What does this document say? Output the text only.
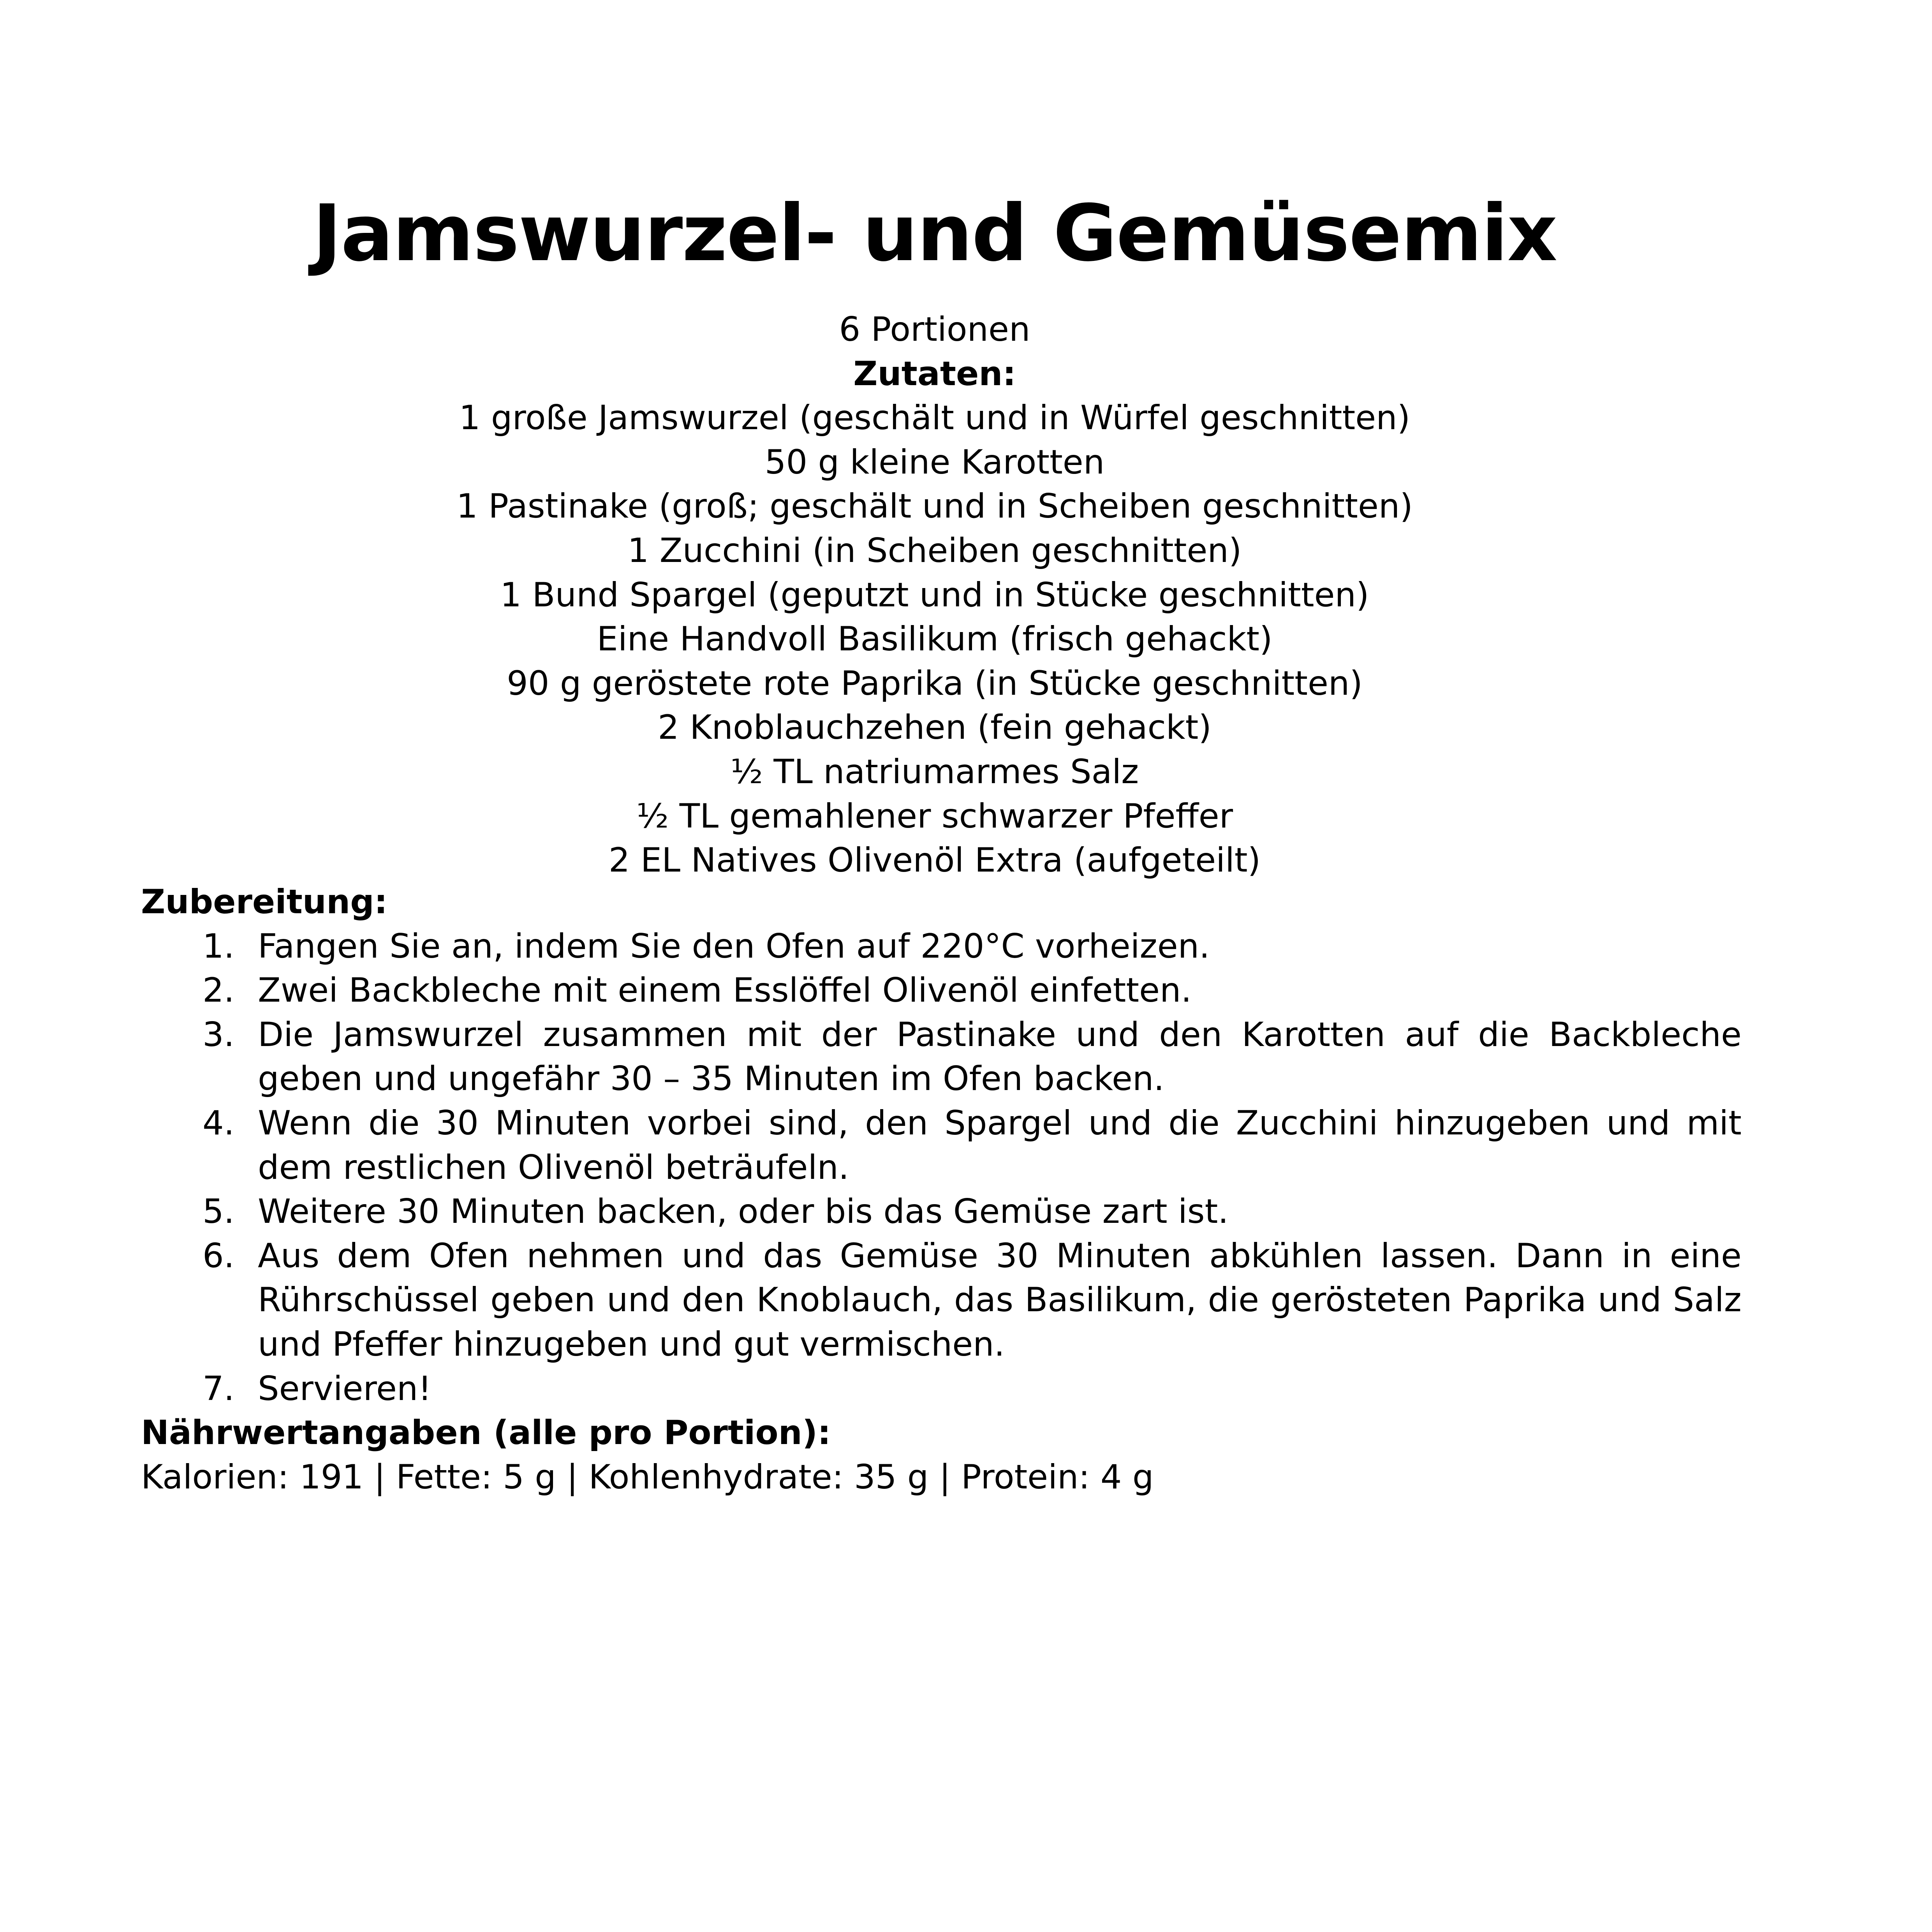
Jamswurzel- und Gemüsemix
6 Portionen
Zutaten:
1 große Jamswurzel (geschält und in Würfel geschnitten)
50 g kleine Karotten
1 Pastinake (groß; geschält und in Scheiben geschnitten)
1 Zucchini (in Scheiben geschnitten)
1 Bund Spargel (geputzt und in Stücke geschnitten)
Eine Handvoll Basilikum (frisch gehackt)
90 g geröstete rote Paprika (in Stücke geschnitten)
2 Knoblauchzehen (fein gehackt)
½ TL natriumarmes Salz
½ TL gemahlener schwarzer Pfeffer
2 EL Natives Olivenöl Extra (aufgeteilt)
Zubereitung:
1. Fangen Sie an, indem Sie den Ofen auf 220°C vorheizen.
2. Zwei Backbleche mit einem Esslöffel Olivenöl einfetten.
3. Die Jamswurzel zusammen mit der Pastinake und den Karotten auf die Backbleche geben und ungefähr 30 – 35 Minuten im Ofen backen.
4. Wenn die 30 Minuten vorbei sind, den Spargel und die Zucchini hinzugeben und mit dem restlichen Olivenöl beträufeln.
5. Weitere 30 Minuten backen, oder bis das Gemüse zart ist.
6. Aus dem Ofen nehmen und das Gemüse 30 Minuten abkühlen lassen. Dann in eine Rührschüssel geben und den Knoblauch, das Basilikum, die gerösteten Paprika und Salz und Pfeffer hinzugeben und gut vermischen.
7. Servieren!
Nährwertangaben (alle pro Portion):
Kalorien: 191 | Fette: 5 g | Kohlenhydrate: 35 g | Protein: 4 g
